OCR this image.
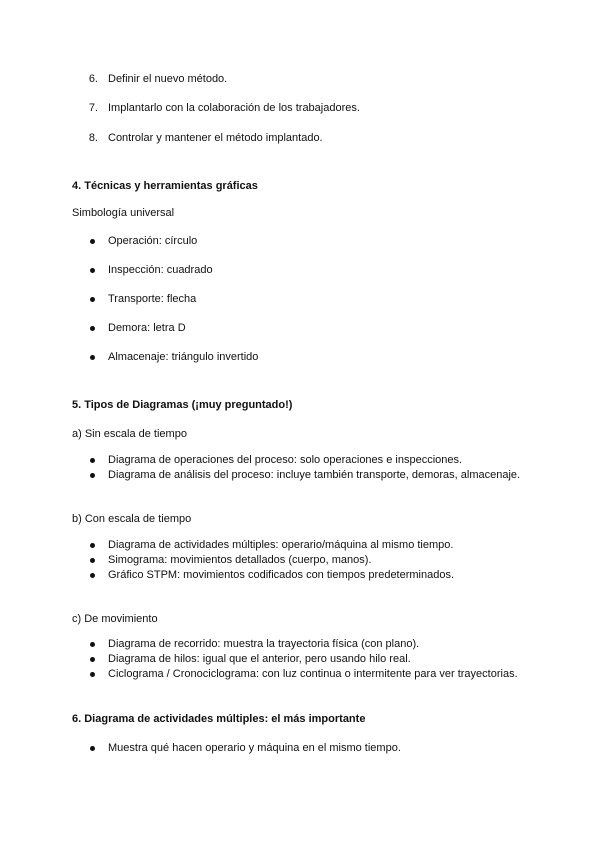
6. Definir el nuevo método.
7. Implantarlo con la colaboración de los trabajadores.
8. Controlar y mantener el método implantado.
4. Técnicas y herramientas gráficas
Simbología universal
Operación: círculo
Inspección: cuadrado
Transporte: flecha
Demora: letra D
Almacenaje: triángulo invertido
5. Tipos de Diagramas (¡muy preguntado!)
a) Sin escala de tiempo
Diagrama de operaciones del proceso: solo operaciones e inspecciones.
Diagrama de análisis del proceso: incluye también transporte, demoras, almacenaje.
b) Con escala de tiempo
Diagrama de actividades múltiples: operario/máquina al mismo tiempo.
Simograma: movimientos detallados (cuerpo, manos).
Gráfico STPM: movimientos codificados con tiempos predeterminados.
c) De movimiento
Diagrama de recorrido: muestra la trayectoria física (con plano).
Diagrama de hilos: igual que el anterior, pero usando hilo real.
Ciclograma / Cronociclograma: con luz continua o intermitente para ver trayectorias.
6. Diagrama de actividades múltiples: el más importante
Muestra qué hacen operario y máquina en el mismo tiempo.
